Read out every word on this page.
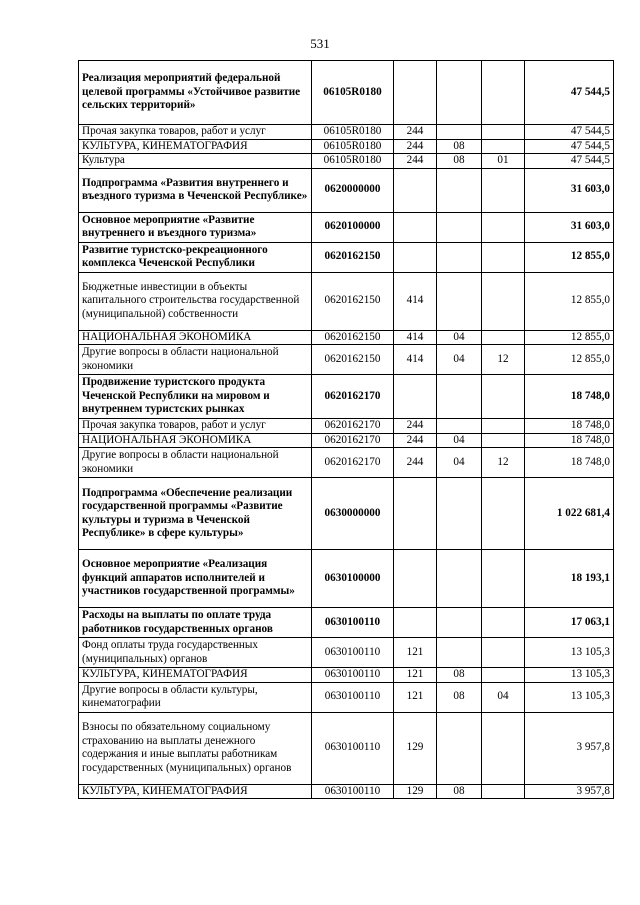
531
Реализация мероприятий федеральной целевой программы «Устойчивое развитие сельских территорий»	06105R0180				47 544,5
Прочая закупка товаров, работ и услуг	06105R0180	244			47 544,5
КУЛЬТУРА, КИНЕМАТОГРАФИЯ	06105R0180	244	08		47 544,5
Культура	06105R0180	244	08	01	47 544,5
Подпрограмма «Развития внутреннего и въездного туризма в Чеченской Республике»	0620000000				31 603,0
Основное мероприятие «Развитие внутреннего и въездного туризма»	0620100000				31 603,0
Развитие туристско-рекреационного комплекса Чеченской Республики	0620162150				12 855,0
Бюджетные инвестиции в объекты капитального строительства государственной (муниципальной) собственности	0620162150	414			12 855,0
НАЦИОНАЛЬНАЯ ЭКОНОМИКА	0620162150	414	04		12 855,0
Другие вопросы в области национальной экономики	0620162150	414	04	12	12 855,0
Продвижение туристского продукта Чеченской Республики на мировом и внутреннем туристских рынках	0620162170				18 748,0
Прочая закупка товаров, работ и услуг	0620162170	244			18 748,0
НАЦИОНАЛЬНАЯ ЭКОНОМИКА	0620162170	244	04		18 748,0
Другие вопросы в области национальной экономики	0620162170	244	04	12	18 748,0
Подпрограмма «Обеспечение реализации государственной программы «Развитие культуры и туризма в Чеченской Республике» в сфере культуры»	0630000000				1 022 681,4
Основное мероприятие «Реализация функций аппаратов исполнителей и участников государственной программы»	0630100000				18 193,1
Расходы на выплаты по оплате труда работников государственных органов	0630100110				17 063,1
Фонд оплаты труда государственных (муниципальных) органов	0630100110	121			13 105,3
КУЛЬТУРА, КИНЕМАТОГРАФИЯ	0630100110	121	08		13 105,3
Другие вопросы в области культуры, кинематографии	0630100110	121	08	04	13 105,3
Взносы по обязательному социальному страхованию на выплаты денежного содержания и иные выплаты работникам государственных (муниципальных) органов	0630100110	129			3 957,8
КУЛЬТУРА, КИНЕМАТОГРАФИЯ	0630100110	129	08		3 957,8
